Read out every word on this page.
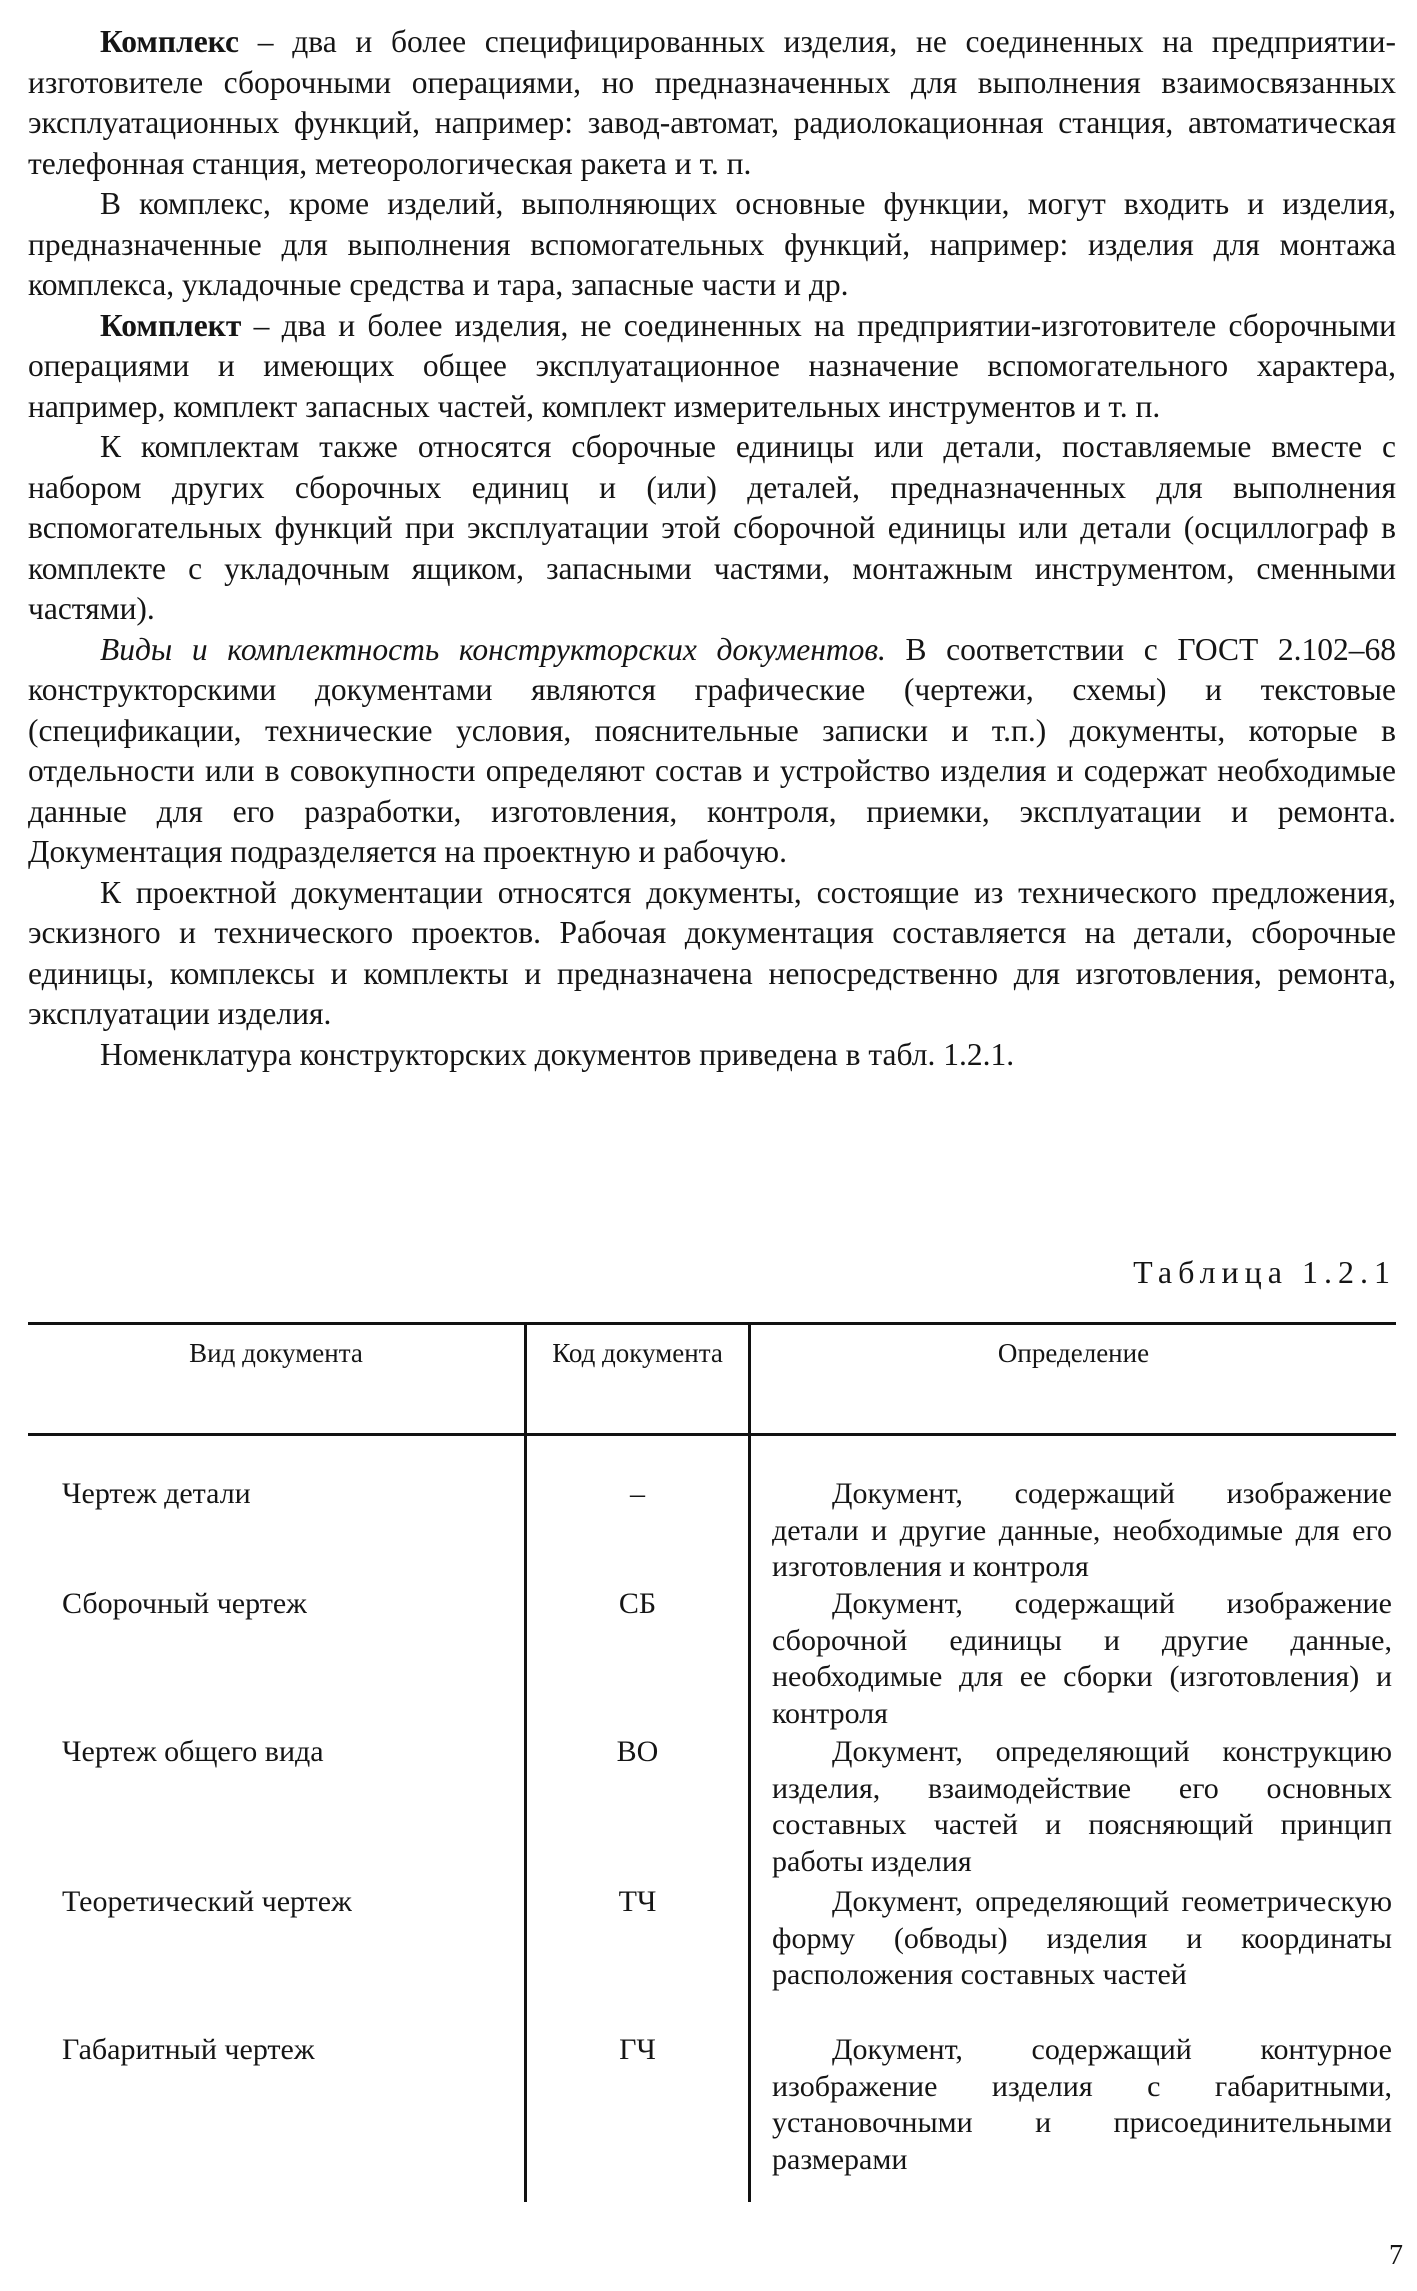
Комплекс – два и более специфицированных изделия, не соединенных на предприятии-изготовителе сборочными операциями, но предназначенных для выполнения взаимосвязанных эксплуатационных функций, например: завод-автомат, радиолокационная станция, автоматическая телефонная станция, метеорологическая ракета и т. п.

В комплекс, кроме изделий, выполняющих основные функции, могут входить и изделия, предназначенные для выполнения вспомогательных функций, например: изделия для монтажа комплекса, укладочные средства и тара, запасные части и др.

Комплект – два и более изделия, не соединенных на предприятии-изготовителе сборочными операциями и имеющих общее эксплуатационное назначение вспомогательного характера, например, комплект запасных частей, комплект измерительных инструментов и т. п.

К комплектам также относятся сборочные единицы или детали, поставляемые вместе с набором других сборочных единиц и (или) деталей, предназначенных для выполнения вспомогательных функций при эксплуатации этой сборочной единицы или детали (осциллограф в комплекте с укладочным ящиком, запасными частями, монтажным инструментом, сменными частями).

Виды и комплектность конструкторских документов. В соответствии с ГОСТ 2.102–68 конструкторскими документами являются графические (чертежи, схемы) и текстовые (спецификации, технические условия, пояснительные записки и т.п.) документы, которые в отдельности или в совокупности определяют состав и устройство изделия и содержат необходимые данные для его разработки, изготовления, контроля, приемки, эксплуатации и ремонта. Документация подразделяется на проектную и рабочую.

К проектной документации относятся документы, состоящие из технического предложения, эскизного и технического проектов. Рабочая документация составляется на детали, сборочные единицы, комплексы и комплекты и предназначена непосредственно для изготовления, ремонта, эксплуатации изделия.

Номенклатура конструкторских документов приведена в табл. 1.2.1.

Таблица 1.2.1
Вид документа	Код документа	Определение
Чертеж детали	–	Документ, содержащий изображение детали и другие данные, необходимые для его изготовления и контроля
Сборочный чертеж	СБ	Документ, содержащий изображение сборочной единицы и другие данные, необходимые для ее сборки (изготовления) и контроля
Чертеж общего вида	ВО	Документ, определяющий конструкцию изделия, взаимодействие его основных составных частей и поясняющий принцип работы изделия
Теоретический чертеж	ТЧ	Документ, определяющий геометрическую форму (обводы) изделия и координаты расположения составных частей
Габаритный чертеж	ГЧ	Документ, содержащий контурное изображение изделия с габаритными, установочными и присоединительными размерами
7
